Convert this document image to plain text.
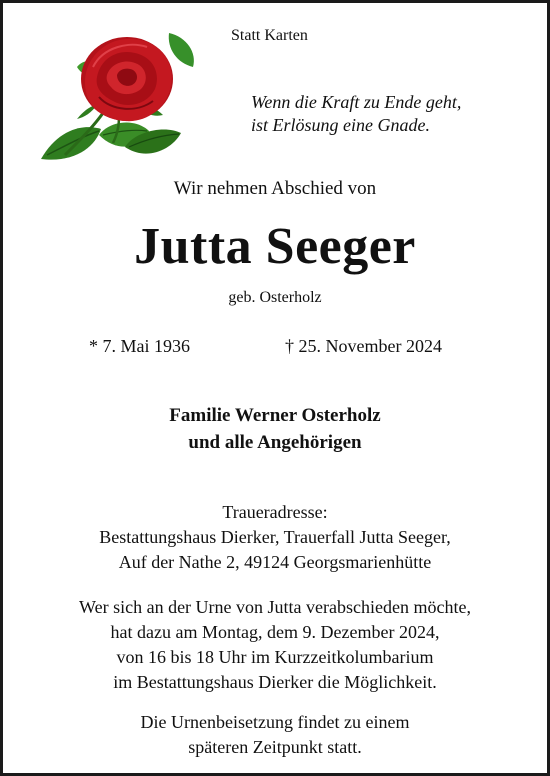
Statt Karten
Wenn die Kraft zu Ende geht,
ist Erlösung eine Gnade.
Wir nehmen Abschied von
Jutta Seeger
geb. Osterholz
* 7. Mai 1936	† 25. November 2024
Familie Werner Osterholz
und alle Angehörigen
Traueradresse:
Bestattungshaus Dierker, Trauerfall Jutta Seeger,
Auf der Nathe 2, 49124 Georgsmarienhütte
Wer sich an der Urne von Jutta verabschieden möchte,
hat dazu am Montag, dem 9. Dezember 2024,
von 16 bis 18 Uhr im Kurzzeitkolumbarium
im Bestattungshaus Dierker die Möglichkeit.
Die Urnenbeisetzung findet zu einem
späteren Zeitpunkt statt.
